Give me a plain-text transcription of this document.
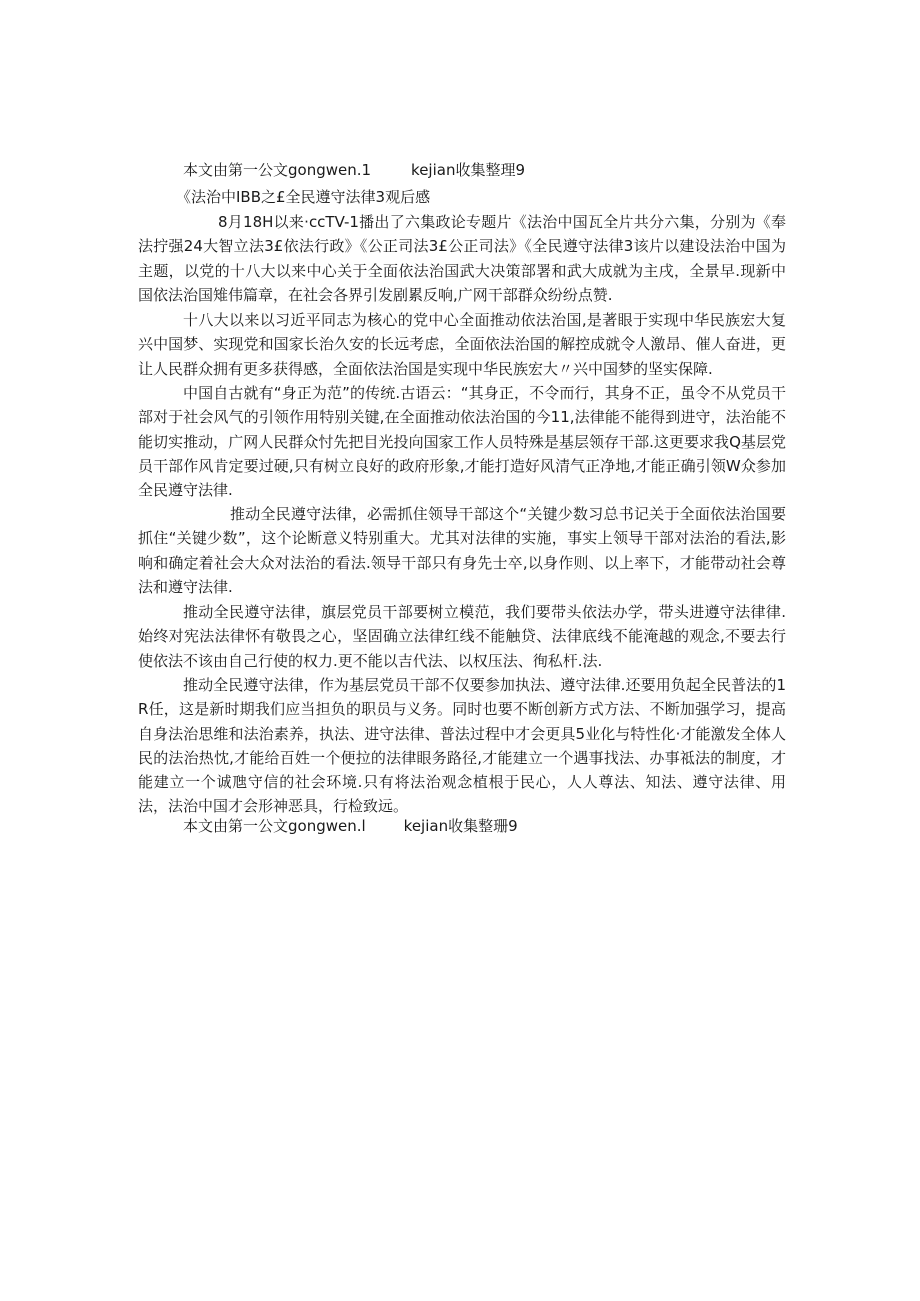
本文由第一公文gongwen.1	kejian收集整理9
《法治中IBB之£全民遵守法律3观后感

8月18H以来·ccTV-1播出了六集政论专题片《法治中国瓦全片共分六集，分别为《奉法拧强24大智立法3£依法行政》《公正司法3£公正司法》《全民遵守法律3该片以建设法治中国为主题，以党的十八大以来中心关于全面依法治国武大决策部署和武大成就为主戌，全景早.现新中国依法治国雉伟篇章，在社会各界引发剧累反响,广网干部群众纷纷点赞.

十八大以来以习近平同志为核心的党中心全面推动依法治国,是著眼于实现中华民族宏大复兴中国梦、实现党和国家长治久安的长远考虑，全面依法治国的解控成就令人激昂、催人奋进，更让人民群众拥有更多获得感，全面依法治国是实现中华民族宏大〃兴中国梦的坚实保障.

中国自古就有“身正为范”的传统.古语云：“其身正，不令而行，其身不正，虽令不从党员干部对于社会风气的引领作用特别关键,在全面推动依法治国的今11,法律能不能得到进守，法治能不能切实推动，广网人民群众忖先把目光投向国家工作人员特殊是基层领存干部.这更要求我Q基层党员干部作风肯定要过硬,只有树立良好的政府形象,才能打造好风清气正净地,才能正确引领W众参加全民遵守法律.

推动全民遵守法律，必需抓住领导干部这个“关键少数习总书记关于全面依法治国要抓住“关键少数”，这个论断意义特别重大。尤其对法律的实施，事实上领导干部对法治的看法,影响和确定着社会大众对法治的看法.领导干部只有身先士卒,以身作则、以上率下，才能带动社会尊法和遵守法律.

推动全民遵守法律，旗层党员干部要树立模范，我们要带头依法办学，带头进遵守法律律.始终对宪法法律怀有敬畏之心，坚固确立法律红线不能触贷、法律底线不能淹越的观念,不要去行使依法不该由自己行使的权力.更不能以吉代法、以权压法、徇私杆.法.

推动全民遵守法律，作为基层党员干部不仅要参加执法、遵守法律.还要用负起全民普法的1R任，这是新时期我们应当担负的职员与义务。同时也要不断创新方式方法、不断加强学习，提高自身法治思维和法治素养，执法、进守法律、普法过程中才会更具5业化与特性化·才能激发全体人民的法治热忱,才能给百姓一个便拉的法律眼务路径,才能建立一个遇事找法、办事祗法的制度，才能建立一个诚虺守信的社会环境.只有将法治观念植根于民心，人人尊法、知法、遵守法律、用法，法治中国才会形神恶具，行检致远。

本文由第一公文gongwen.l	kejian收集整珊9
